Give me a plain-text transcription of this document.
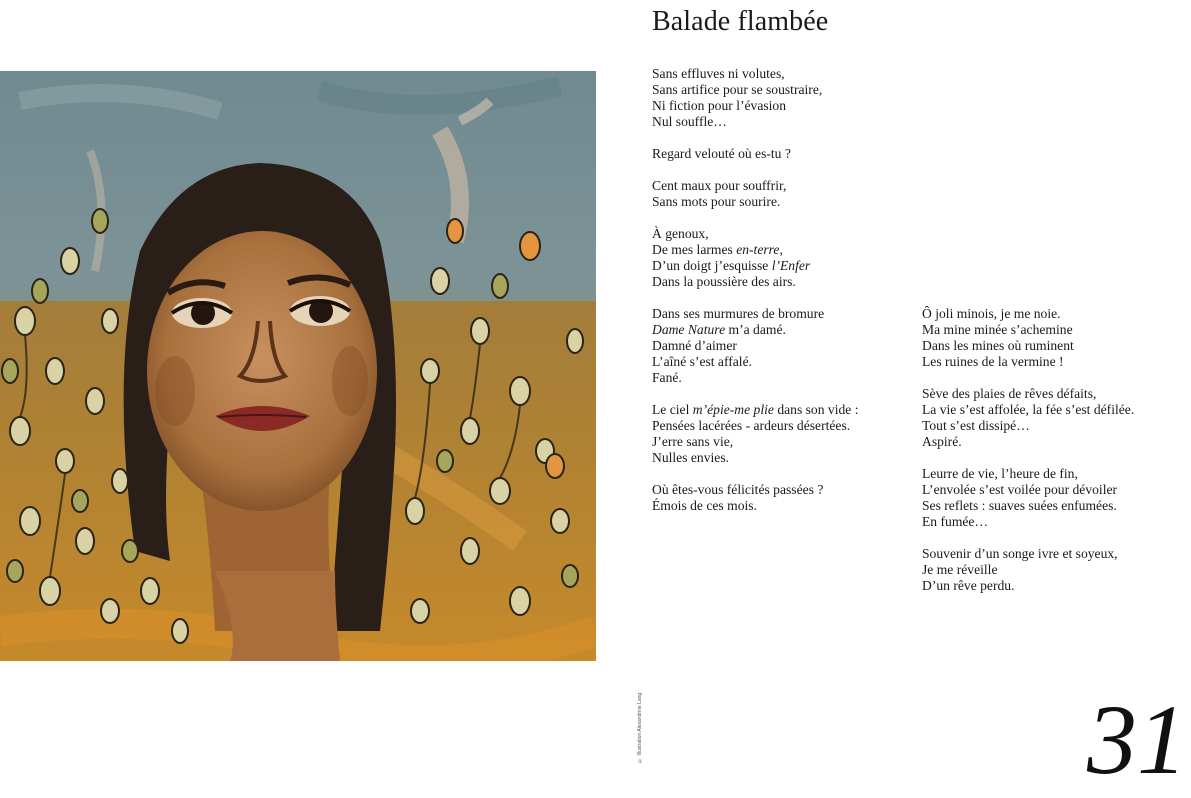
© Illustration Alexandrine Lang
Balade flambée
Sans effluves ni volutes,
Sans artifice pour se soustraire,
Ni fiction pour l’évasion
Nul souffle…
Regard velouté où es-tu ?
Cent maux pour souffrir,
Sans mots pour sourire.
À genoux,
De mes larmes en-terre,
D’un doigt j’esquisse l’Enfer
Dans la poussière des airs.
Dans ses murmures de bromure
Dame Nature m’a damé.
Damné d’aimer
L’aîné s’est affalé.
Fané.
Le ciel m’épie-me plie dans son vide :
Pensées lacérées - ardeurs désertées.
J’erre sans vie,
Nulles envies.
Où êtes-vous félicités passées ?
Émois de ces mois.
Ô joli minois, je me noie.
Ma mine minée s’achemine
Dans les mines où ruminent
Les ruines de la vermine !
Sève des plaies de rêves défaits,
La vie s’est affolée, la fée s’est défilée.
Tout s’est dissipé…
Aspiré.
Leurre de vie, l’heure de fin,
L’envolée s’est voilée pour dévoiler
Ses reflets : suaves suées enfumées.
En fumée…
Souvenir d’un songe ivre et soyeux,
Je me réveille
D’un rêve perdu.
31
